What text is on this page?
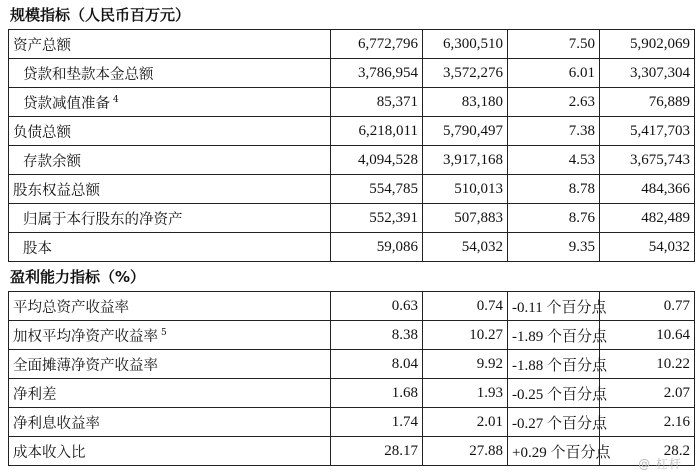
规模指标（人民币百万元）
资产总额	6,772,796	6,300,510	7.50	5,902,069
贷款和垫款本金总额	3,786,954	3,572,276	6.01	3,307,304
贷款减值准备 $^4$	85,371	83,180	2.63	76,889
负债总额	6,218,011	5,790,497	7.38	5,417,703
存款余额	4,094,528	3,917,168	4.53	3,675,743
股东权益总额	554,785	510,013	8.78	484,366
归属于本行股东的净资产	552,391	507,883	8.76	482,489
股本	59,086	54,032	9.35	54,032
盈利能力指标（%）
平均总资产收益率	0.63	0.74	-0.11 个百分点	0.77
加权平均净资产收益率 $^5$	8.38	10.27	-1.89 个百分点	10.64
全面摊薄净资产收益率	8.04	9.92	-1.88 个百分点	10.22
净利差	1.68	1.93	-0.25 个百分点	2.07
净利息收益率	1.74	2.01	-0.27 个百分点	2.16
成本收入比	28.17	27.88	+0.29 个百分点	28.2
@ 杠杆
